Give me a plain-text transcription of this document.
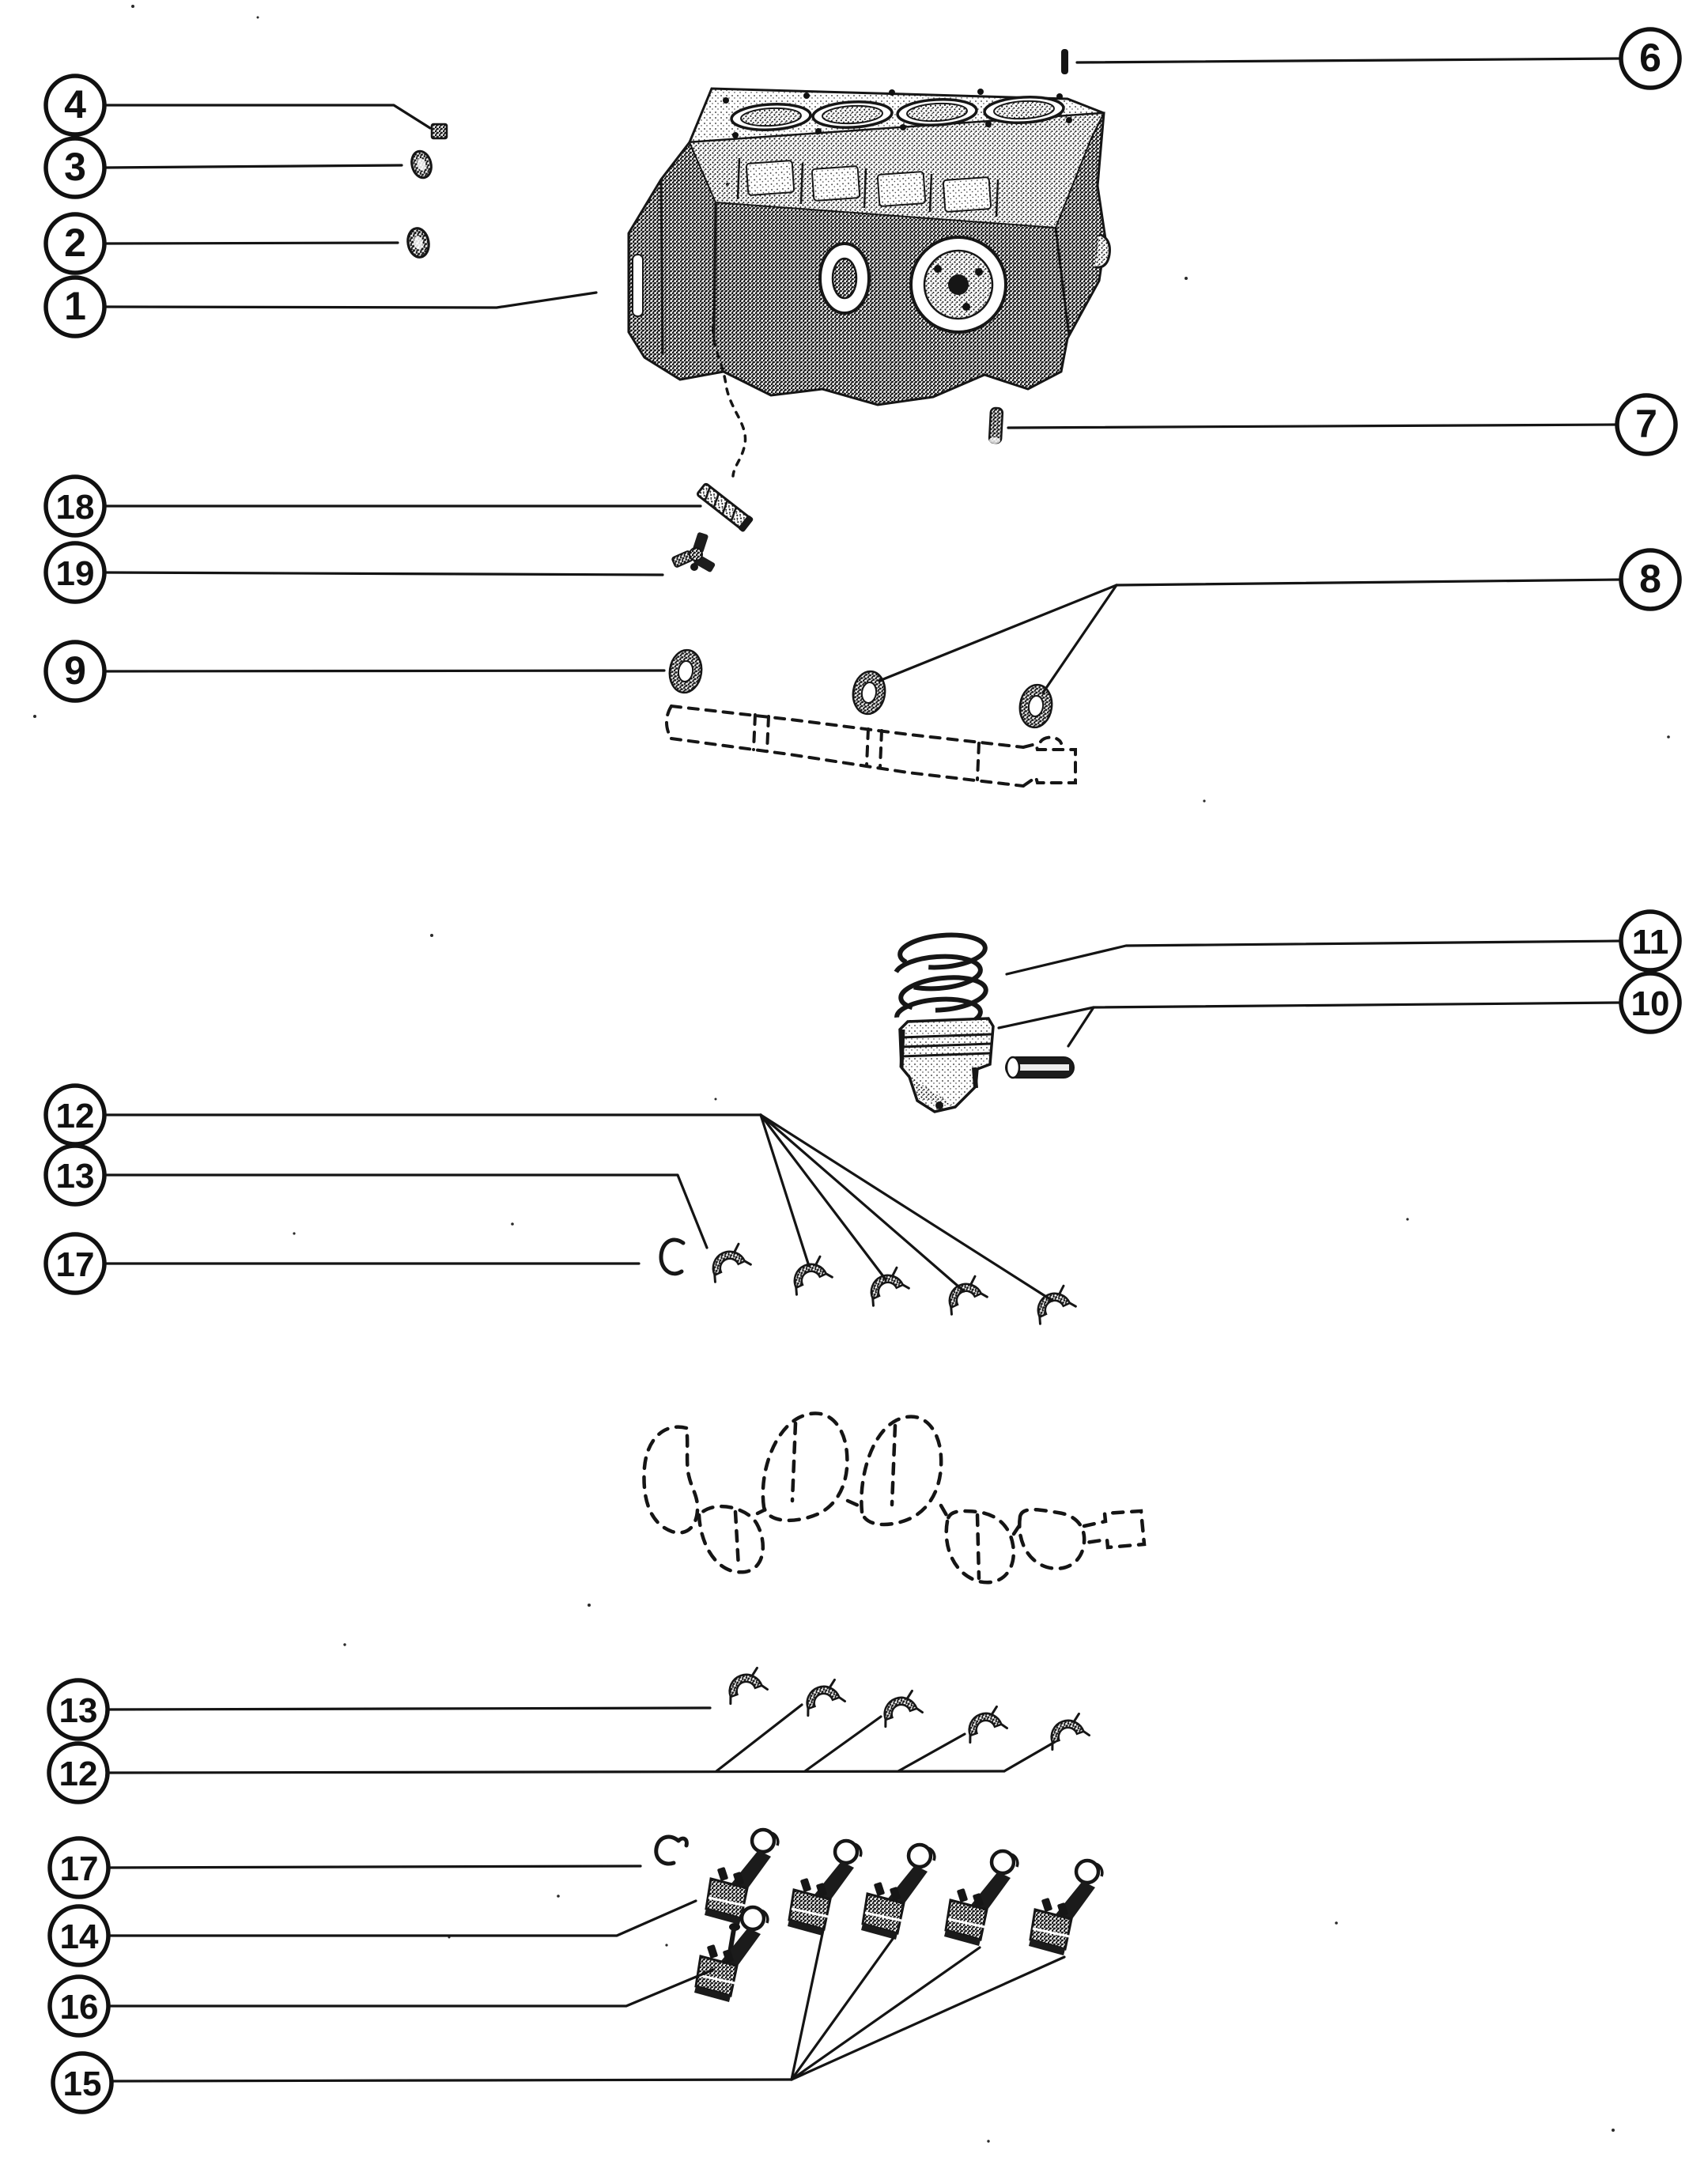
4
3
2
1
6
7
18
19
9
8
11
10
12
13
17
13
12
17
14
16
15
